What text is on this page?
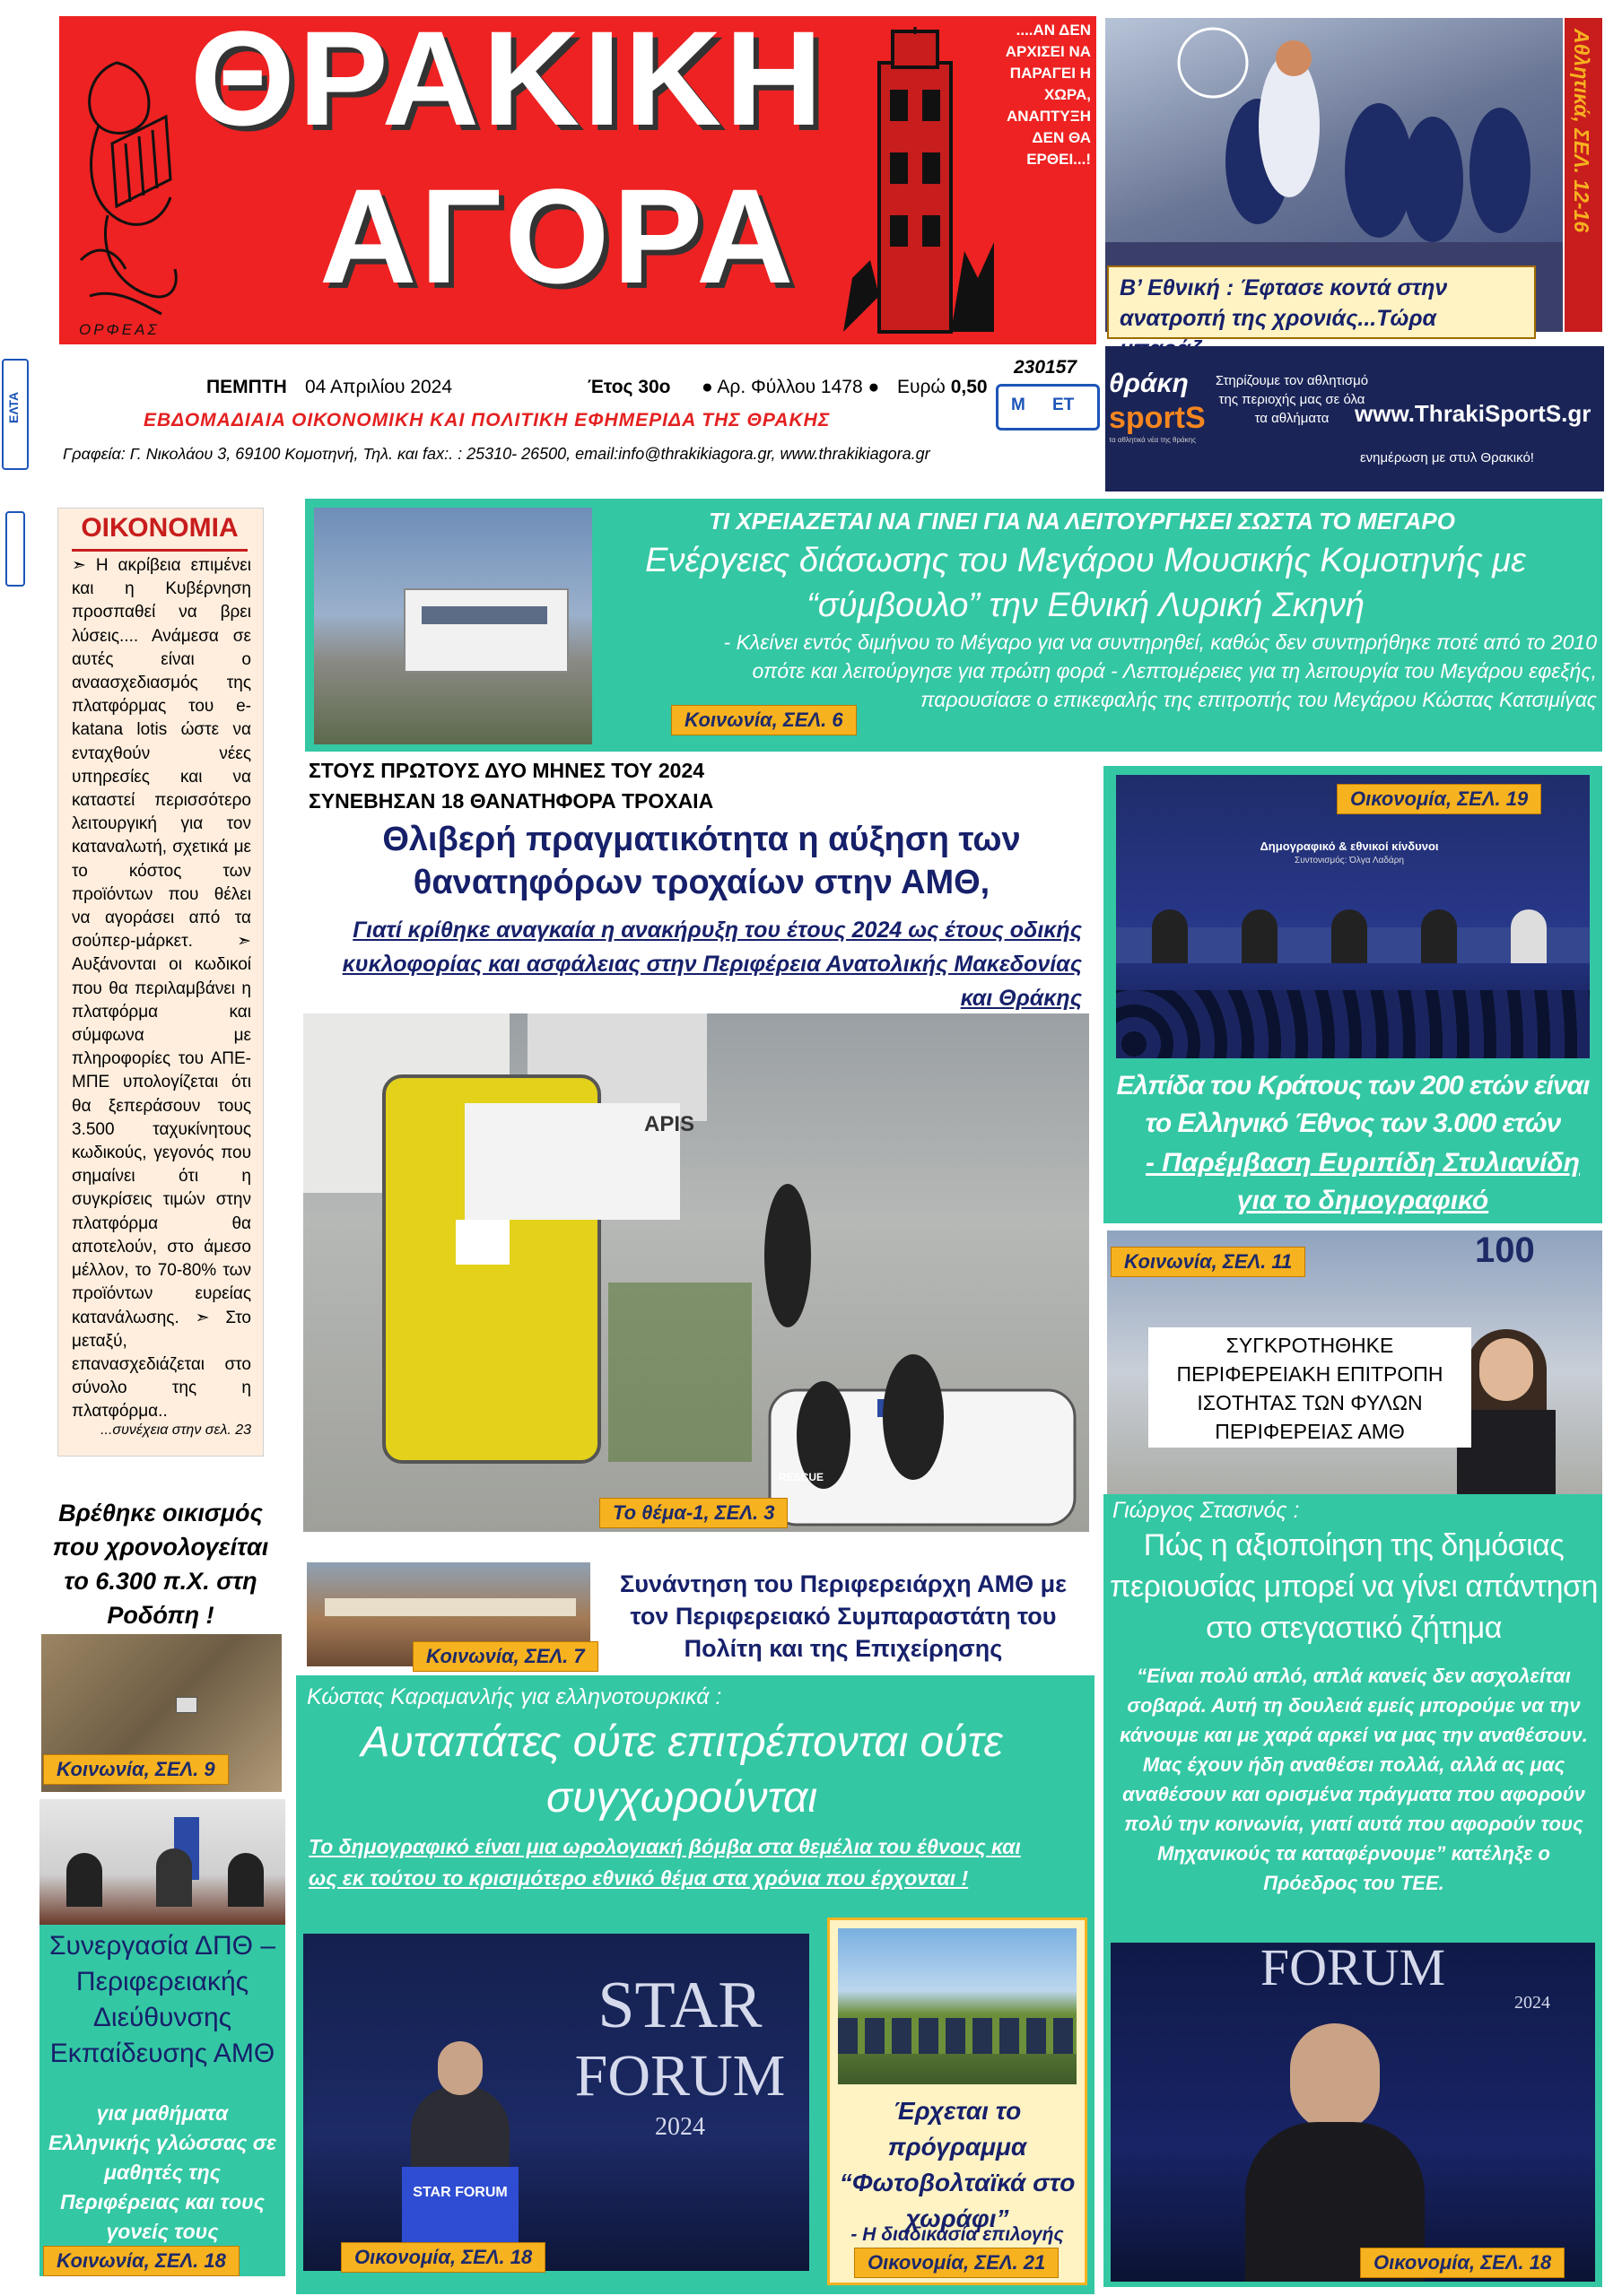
ΟΡΦΕΑΣ
ΘΡΑΚΙΚΗ
ΑΓΟΡΑ
....ΑΝ ΔΕΝ ΑΡΧΙΣΕΙ ΝΑ ΠΑΡΑΓΕΙ Η ΧΩΡΑ, ΑΝΑΠΤΥΞΗ ΔΕΝ ΘΑ ΕΡΘΕΙ...!
ΠΕΜΠΤΗ 04 Απριλίου 2024	Έτος 30ο ● Αρ. Φύλλου 1478 ● Ευρώ 0,50
230157
Μ ΕΤ
ΕΒΔΟΜΑΔΙΑΙΑ ΟΙΚΟΝΟΜΙΚΗ ΚΑΙ ΠΟΛΙΤΙΚΗ ΕΦΗΜΕΡΙΔΑ ΤΗΣ ΘΡΑΚΗΣ
Γραφεία: Γ. Νικολάου 3, 69100 Κομοτηνή, Τηλ. και fax:. : 25310- 26500, email:info@thrakikiagora.gr, www.thrakikiagora.gr
ΕΛΤΑ
Αθλητικά, ΣΕΛ. 12-16
Β’ Εθνική : Έφτασε κοντά στην ανατροπή της χρονιάς...Τώρα
θράκη
sportS
τα αθλητικά νέα της θράκης
Στηρίζουμε τον αθλητισμό της περιοχής μας σε όλα τα αθλήματα	www.ThrakiSportS.gr
ενημέρωση με στυλ Θρακικό!
ΟΙΚΟΝΟΜΙΑ
➣ Η ακρίβεια επιμένει και η Κυβέρνηση προσπαθεί να βρει λύσεις.... Ανάμεσα σε αυτές είναι ο αναασχεδιασμός της πλατφόρμας του e-katana lotis ώστε να ενταχθούν νέες υπηρεσίες και να καταστεί περισσότερο λειτουργική για τον καταναλωτή, σχετικά με το κόστος των προϊόντων που θέλει να αγοράσει από τα σούπερ-μάρκετ. ➣ Αυξάνονται οι κωδικοί που θα περιλαμβάνει η πλατφόρμα και σύμφωνα με πληροφορίες του ΑΠΕ-ΜΠΕ υπολογίζεται ότι θα ξεπεράσουν τους 3.500 ταχυκίνητους κωδικούς, γεγονός που σημαίνει ότι η συγκρίσεις τιμών στην πλατφόρμα θα αποτελούν, στο άμεσο μέλλον, το 70-80% των προϊόντων ευρείας κατανάλωσης. ➣ Στο μεταξύ, επανασχεδιάζεται στο σύνολο της η πλατφόρμα..
...συνέχεια στην σελ. 23
Βρέθηκε οικισμός που χρονολογείται το 6.300 π.Χ. στη Ροδόπη !
Κοινωνία, ΣΕΛ. 9
Συνεργασία ΔΠΘ – Περιφερειακής Διεύθυνσης Εκπαίδευσης ΑΜΘ
για μαθήματα Ελληνικής γλώσσας σε μαθητές της Περιφέρειας και τους γονείς τους
Κοινωνία, ΣΕΛ. 18
ΤΙ ΧΡΕΙΑΖΕΤΑΙ ΝΑ ΓΙΝΕΙ ΓΙΑ ΝΑ ΛΕΙΤΟΥΡΓΗΣΕΙ ΣΩΣΤΑ ΤΟ ΜΕΓΑΡΟ
Ενέργειες διάσωσης του Μεγάρου Μουσικής Κομοτηνής με “σύμβουλο” την Εθνική Λυρική Σκηνή
- Κλείνει εντός διμήνου το Μέγαρο για να συντηρηθεί, καθώς δεν συντηρήθηκε ποτέ από το 2010 οπότε και λειτούργησε για πρώτη φορά - Λεπτομέρειες για τη λειτουργία του Μεγάρου εφεξής, παρουσίασε ο επικεφαλής της επιτροπής του Μεγάρου Κώστας Κατσιμίγας
Κοινωνία, ΣΕΛ. 6
ΣΤΟΥΣ ΠΡΩΤΟΥΣ ΔΥΟ ΜΗΝΕΣ ΤΟΥ 2024
ΣΥΝΕΒΗΣΑΝ 18 ΘΑΝΑΤΗΦΟΡΑ ΤΡΟΧΑΙΑ
Θλιβερή πραγματικότητα η αύξηση των θανατηφόρων τροχαίων στην ΑΜΘ,
Γιατί κρίθηκε αναγκαία η ανακήρυξη του έτους 2024 ως έτους οδικής κυκλοφορίας και ασφάλειας στην Περιφέρεια Ανατολικής Μακεδονίας και Θράκης
APIS
RESCUE
Το θέμα-1, ΣΕΛ. 3
Κοινωνία, ΣΕΛ. 7
Συνάντηση του Περιφερειάρχη ΑΜΘ με τον Περιφερειακό Συμπαραστάτη του Πολίτη και της Επιχείρησης
Κώστας Καραμανλής για ελληνοτουρκικά :
Αυταπάτες ούτε επιτρέπονται ούτε συγχωρούνται
Το δημογραφικό είναι μια ωρολογιακή βόμβα στα θεμέλια του έθνους και ως εκ τούτου το κρισιμότερο εθνικό θέμα στα χρόνια που έρχονται !
STAR
FORUM
2024
STAR FORUM
Οικονομία, ΣΕΛ. 18
Έρχεται το πρόγραμμα “Φωτοβολταϊκά στο χωράφι”
- Η διαδικασία επιλογής
Οικονομία, ΣΕΛ. 21
Δημογραφικό & εθνικοί κίνδυνοι
Συντονισμός: Όλγα Λαδάρη
Οικονομία, ΣΕΛ. 19
Ελπίδα του Κράτους των 200 ετών είναι το Ελληνικό Έθνος των 3.000 ετών
- Παρέμβαση Ευριπίδη Στυλιανίδη για το δημογραφικό
100
Κοινωνία, ΣΕΛ. 11
ΣΥΓΚΡΟΤΗΘΗΚΕ ΠΕΡΙΦΕΡΕΙΑΚΗ ΕΠΙΤΡΟΠΗ ΙΣΟΤΗΤΑΣ ΤΩΝ ΦΥΛΩΝ ΠΕΡΙΦΕΡΕΙΑΣ ΑΜΘ
Γιώργος Στασινός :
Πώς η αξιοποίηση της δημόσιας περιουσίας μπορεί να γίνει απάντηση στο στεγαστικό ζήτημα
“Είναι πολύ απλό, απλά κανείς δεν ασχολείται σοβαρά. Αυτή τη δουλειά εμείς μπορούμε να την κάνουμε και με χαρά αρκεί να μας την αναθέσουν. Μας έχουν ήδη αναθέσει πολλά, αλλά ας μας αναθέσουν και ορισμένα πράγματα που αφορούν πολύ την κοινωνία, γιατί αυτά που αφορούν τους Μηχανικούς τα καταφέρνουμε” κατέληξε ο Πρόεδρος του ΤΕΕ.
FORUM
2024
Οικονομία, ΣΕΛ. 18
